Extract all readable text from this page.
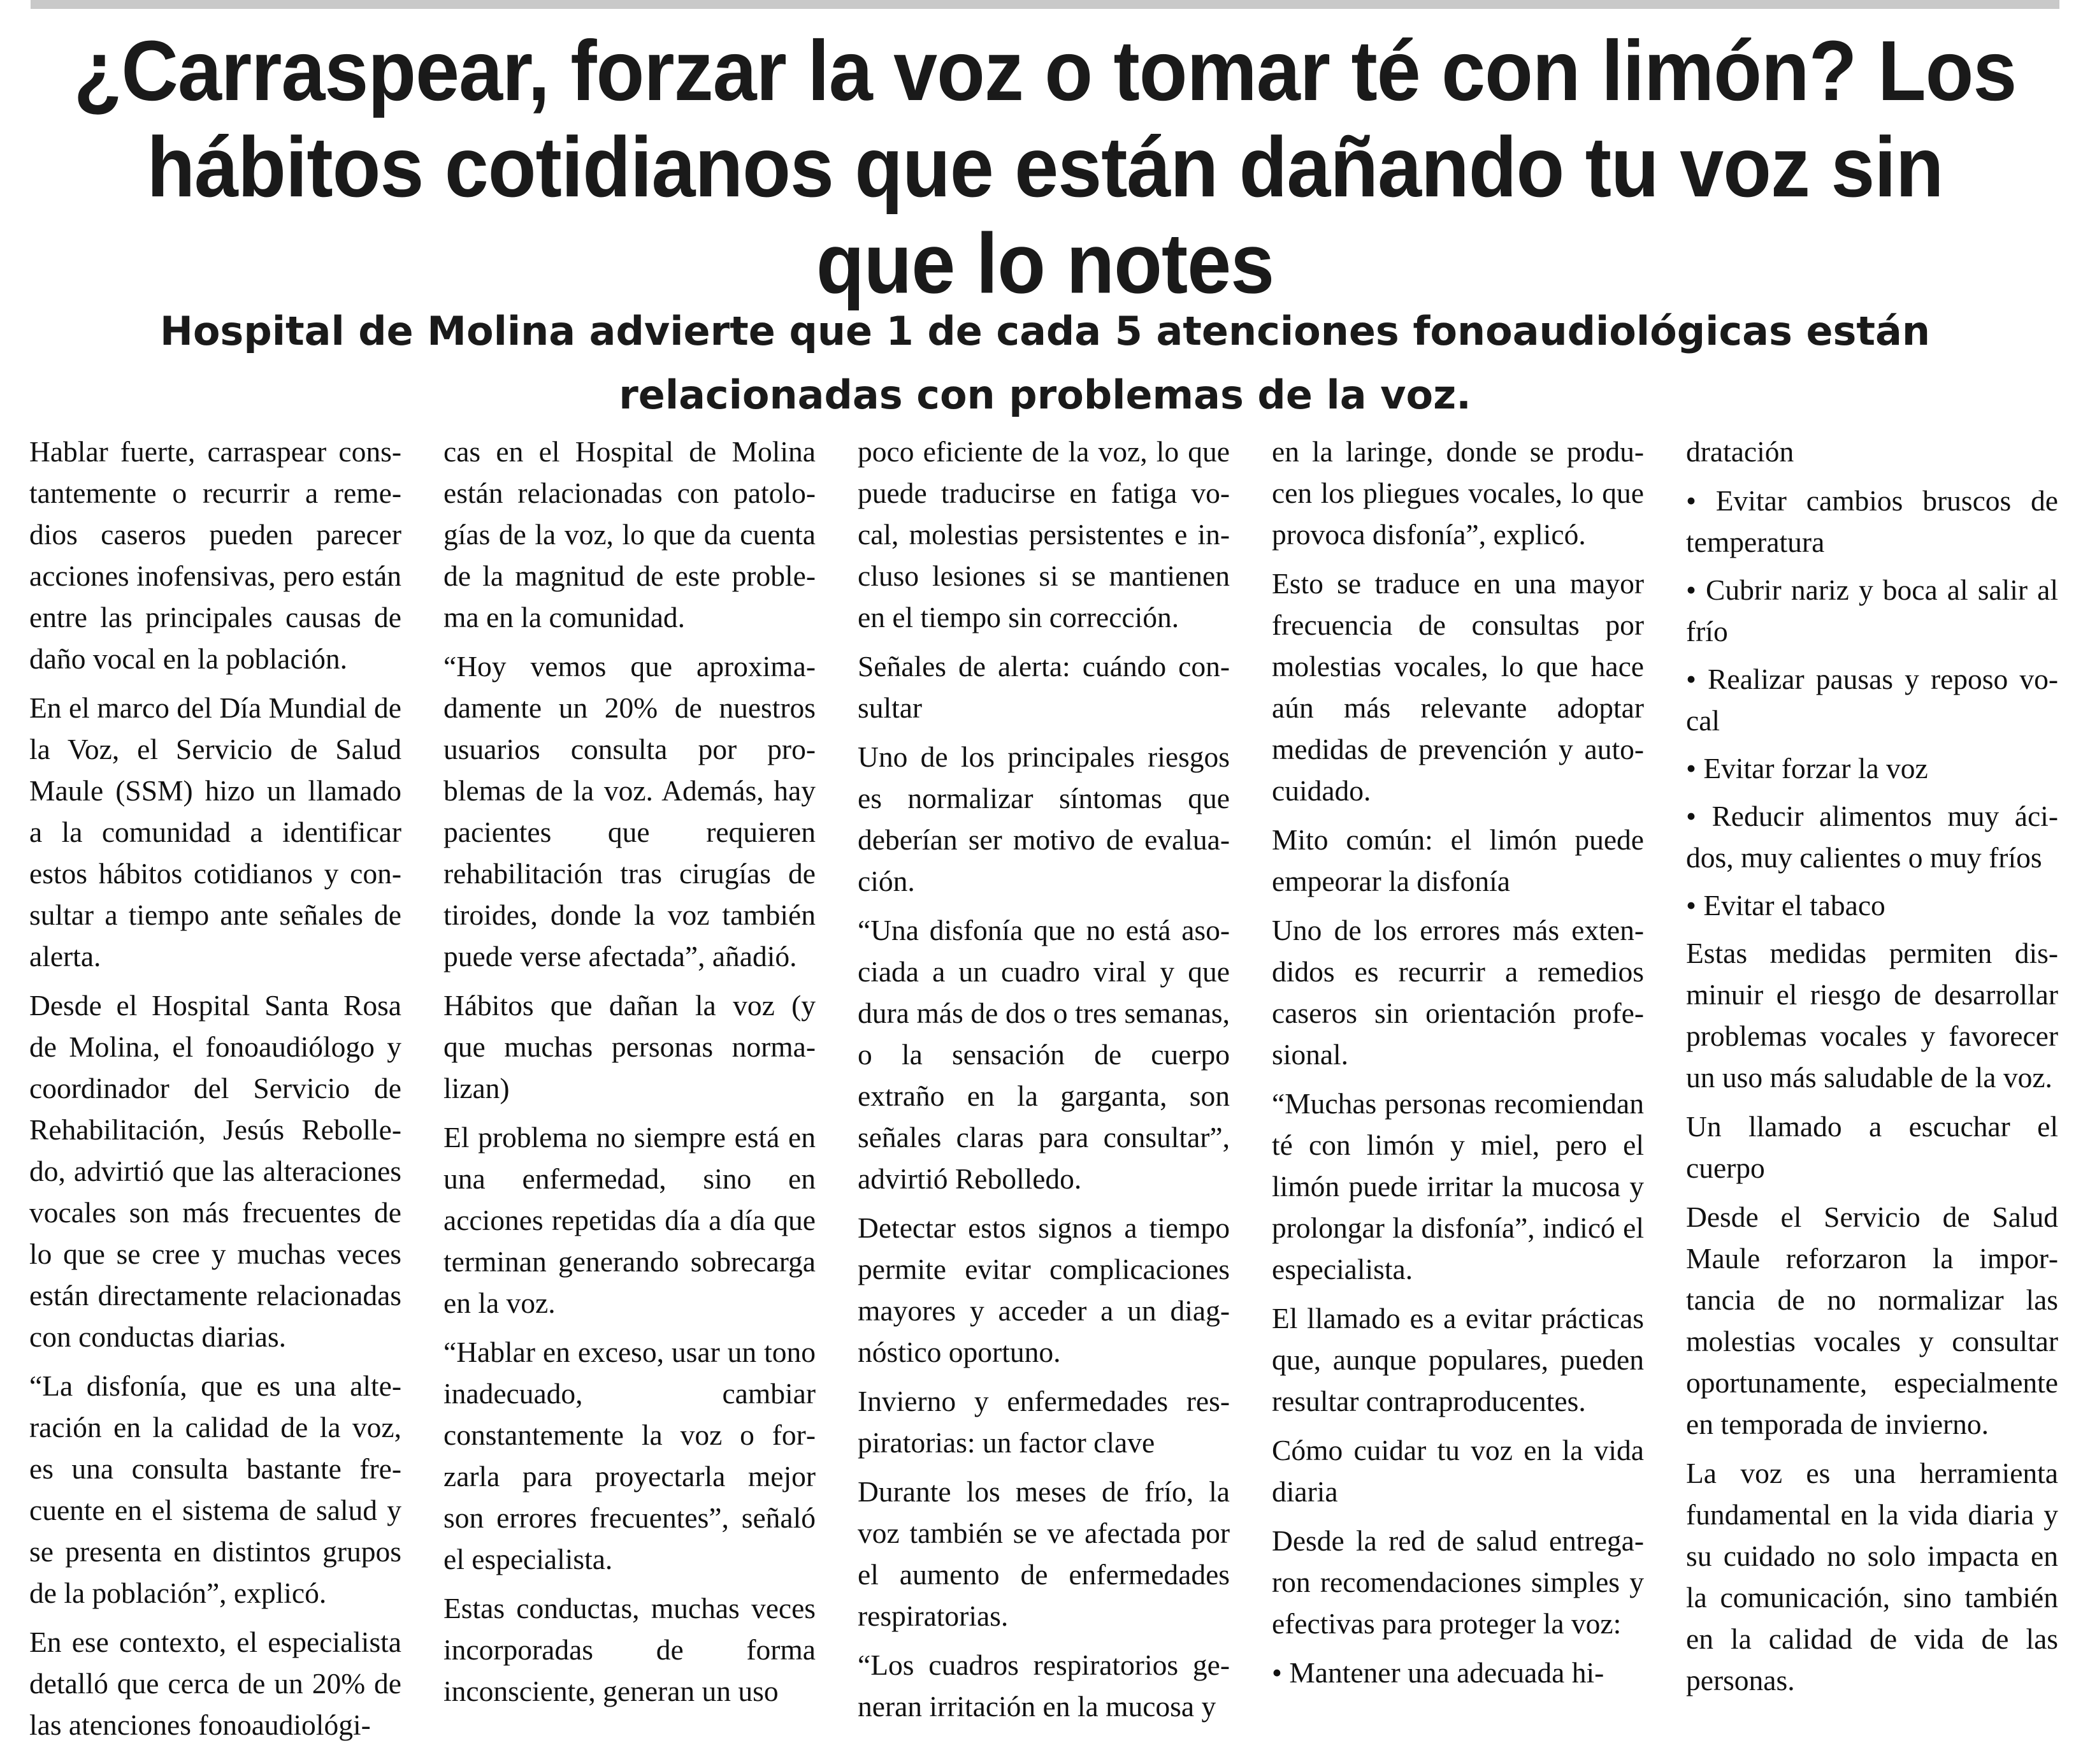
¿Carraspear, forzar la voz o tomar té con limón? Los hábitos cotidianos que están dañando tu voz sin que lo notes
Hospital de Molina advierte que 1 de cada 5 atenciones fonoaudiológicas están relacionadas con problemas de la voz.

Hablar fuerte, carraspear constantemente o recurrir a remedios caseros pueden parecer acciones inofensivas, pero están entre las principales causas de daño vocal en la población.

En el marco del Día Mundial de la Voz, el Servicio de Salud Maule (SSM) hizo un llamado a la comunidad a identificar estos hábitos cotidianos y consultar a tiempo ante señales de alerta.

Desde el Hospital Santa Rosa de Molina, el fonoaudiólogo y coordinador del Servicio de Rehabilitación, Jesús Rebolledo, advirtió que las alteraciones vocales son más frecuentes de lo que se cree y muchas veces están directamente relacionadas con conductas diarias.

“La disfonía, que es una alteración en la calidad de la voz, es una consulta bastante frecuente en el sistema de salud y se presenta en distintos grupos de la población”, explicó.

En ese contexto, el especialista detalló que cerca de un 20% de las atenciones fonoaudiológi-

cas en el Hospital de Molina están relacionadas con patologías de la voz, lo que da cuenta de la magnitud de este problema en la comunidad.

“Hoy vemos que aproximadamente un 20% de nuestros usuarios consulta por problemas de la voz. Además, hay pacientes que requieren rehabilitación tras cirugías de tiroides, donde la voz también puede verse afectada”, añadió.

Hábitos que dañan la voz (y que muchas personas normalizan)

El problema no siempre está en una enfermedad, sino en acciones repetidas día a día que terminan generando sobrecarga en la voz.

“Hablar en exceso, usar un tono inadecuado, cambiar constantemente la voz o forzarla para proyectarla mejor son errores frecuentes”, señaló el especialista.

Estas conductas, muchas veces incorporadas de forma inconsciente, generan un uso

poco eficiente de la voz, lo que puede traducirse en fatiga vocal, molestias persistentes e incluso lesiones si se mantienen en el tiempo sin corrección.

Señales de alerta: cuándo consultar

Uno de los principales riesgos es normalizar síntomas que deberían ser motivo de evaluación.

“Una disfonía que no está asociada a un cuadro viral y que dura más de dos o tres semanas, o la sensación de cuerpo extraño en la garganta, son señales claras para consultar”, advirtió Rebolledo.

Detectar estos signos a tiempo permite evitar complicaciones mayores y acceder a un diagnóstico oportuno.

Invierno y enfermedades respiratorias: un factor clave

Durante los meses de frío, la voz también se ve afectada por el aumento de enfermedades respiratorias.

“Los cuadros respiratorios generan irritación en la mucosa y

en la laringe, donde se producen los pliegues vocales, lo que provoca disfonía”, explicó.

Esto se traduce en una mayor frecuencia de consultas por molestias vocales, lo que hace aún más relevante adoptar medidas de prevención y autocuidado.

Mito común: el limón puede empeorar la disfonía

Uno de los errores más extendidos es recurrir a remedios caseros sin orientación profesional.

“Muchas personas recomiendan té con limón y miel, pero el limón puede irritar la mucosa y prolongar la disfonía”, indicó el especialista.

El llamado es a evitar prácticas que, aunque populares, pueden resultar contraproducentes.

Cómo cuidar tu voz en la vida diaria

Desde la red de salud entregaron recomendaciones simples y efectivas para proteger la voz:

• Mantener una adecuada hi-

dratación

• Evitar cambios bruscos de temperatura
• Cubrir nariz y boca al salir al frío
• Realizar pausas y reposo vocal
• Evitar forzar la voz
• Reducir alimentos muy ácidos, muy calientes o muy fríos
• Evitar el tabaco

Estas medidas permiten disminuir el riesgo de desarrollar problemas vocales y favorecer un uso más saludable de la voz.

Un llamado a escuchar el cuerpo

Desde el Servicio de Salud Maule reforzaron la importancia de no normalizar las molestias vocales y consultar oportunamente, especialmente en temporada de invierno.

La voz es una herramienta fundamental en la vida diaria y su cuidado no solo impacta en la comunicación, sino también en la calidad de vida de las personas.
